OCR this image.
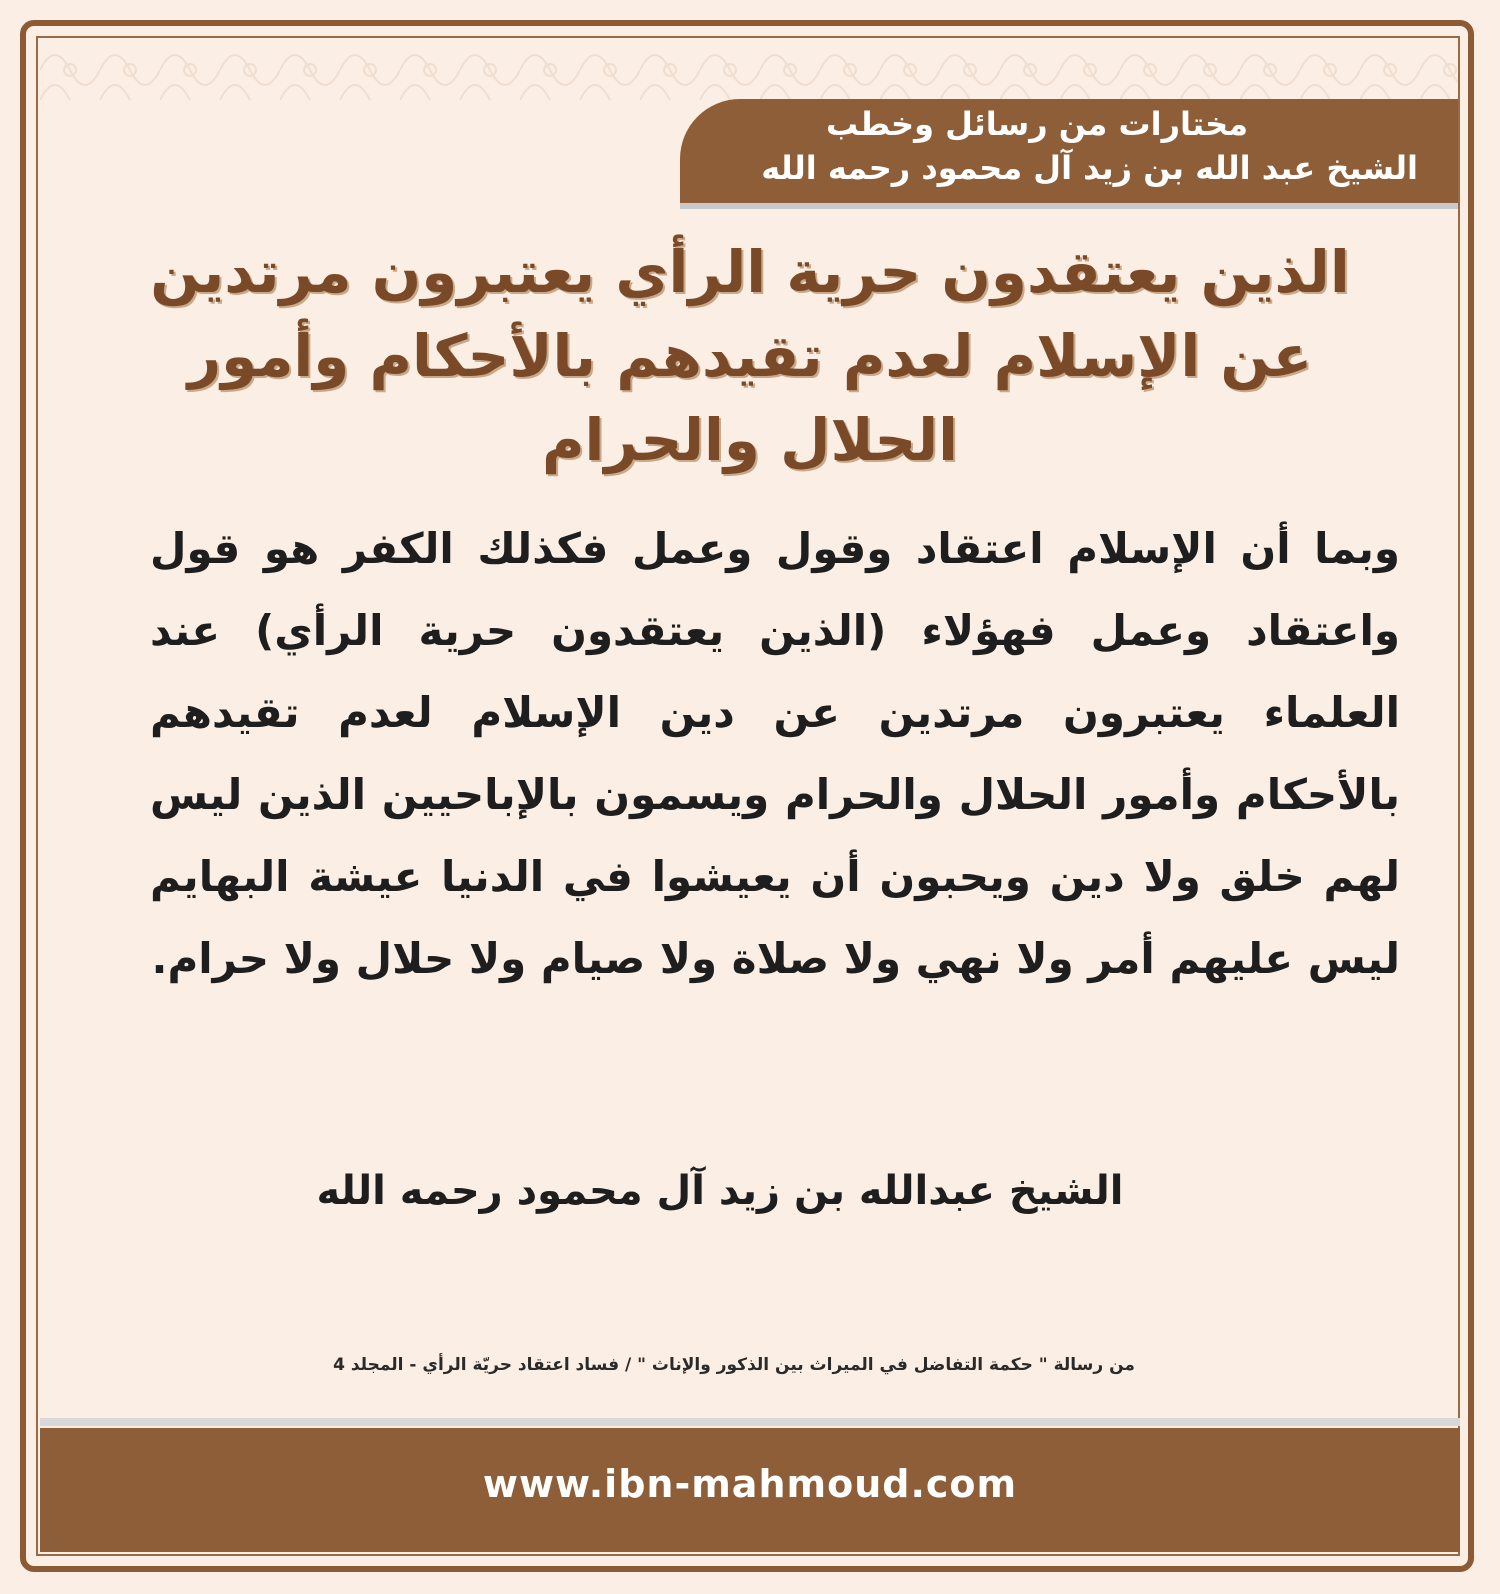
مختارات من رسائل وخطب
الشيخ عبد الله بن زيد آل محمود رحمه الله
الذين يعتقدون حرية الرأي يعتبرون مرتدين عن الإسلام لعدم تقيدهم بالأحكام وأمور الحلال والحرام
وبما أن الإسلام اعتقاد وقول وعمل فكذلك الكفر هو قول واعتقاد وعمل فهؤلاء (الذين يعتقدون حرية الرأي) عند العلماء يعتبرون مرتدين عن دين الإسلام لعدم تقيدهم بالأحكام وأمور الحلال والحرام ويسمون بالإباحيين الذين ليس لهم خلق ولا دين ويحبون أن يعيشوا في الدنيا عيشة البهايم ليس عليهم أمر ولا نهي ولا صلاة ولا صيام ولا حلال ولا حرام.
الشيخ عبدالله بن زيد آل محمود رحمه الله
من رسالة " حكمة التفاضل في الميراث بين الذكور والإناث " / فساد اعتقاد حريّة الرأي - المجلد 4
www.ibn-mahmoud.com
